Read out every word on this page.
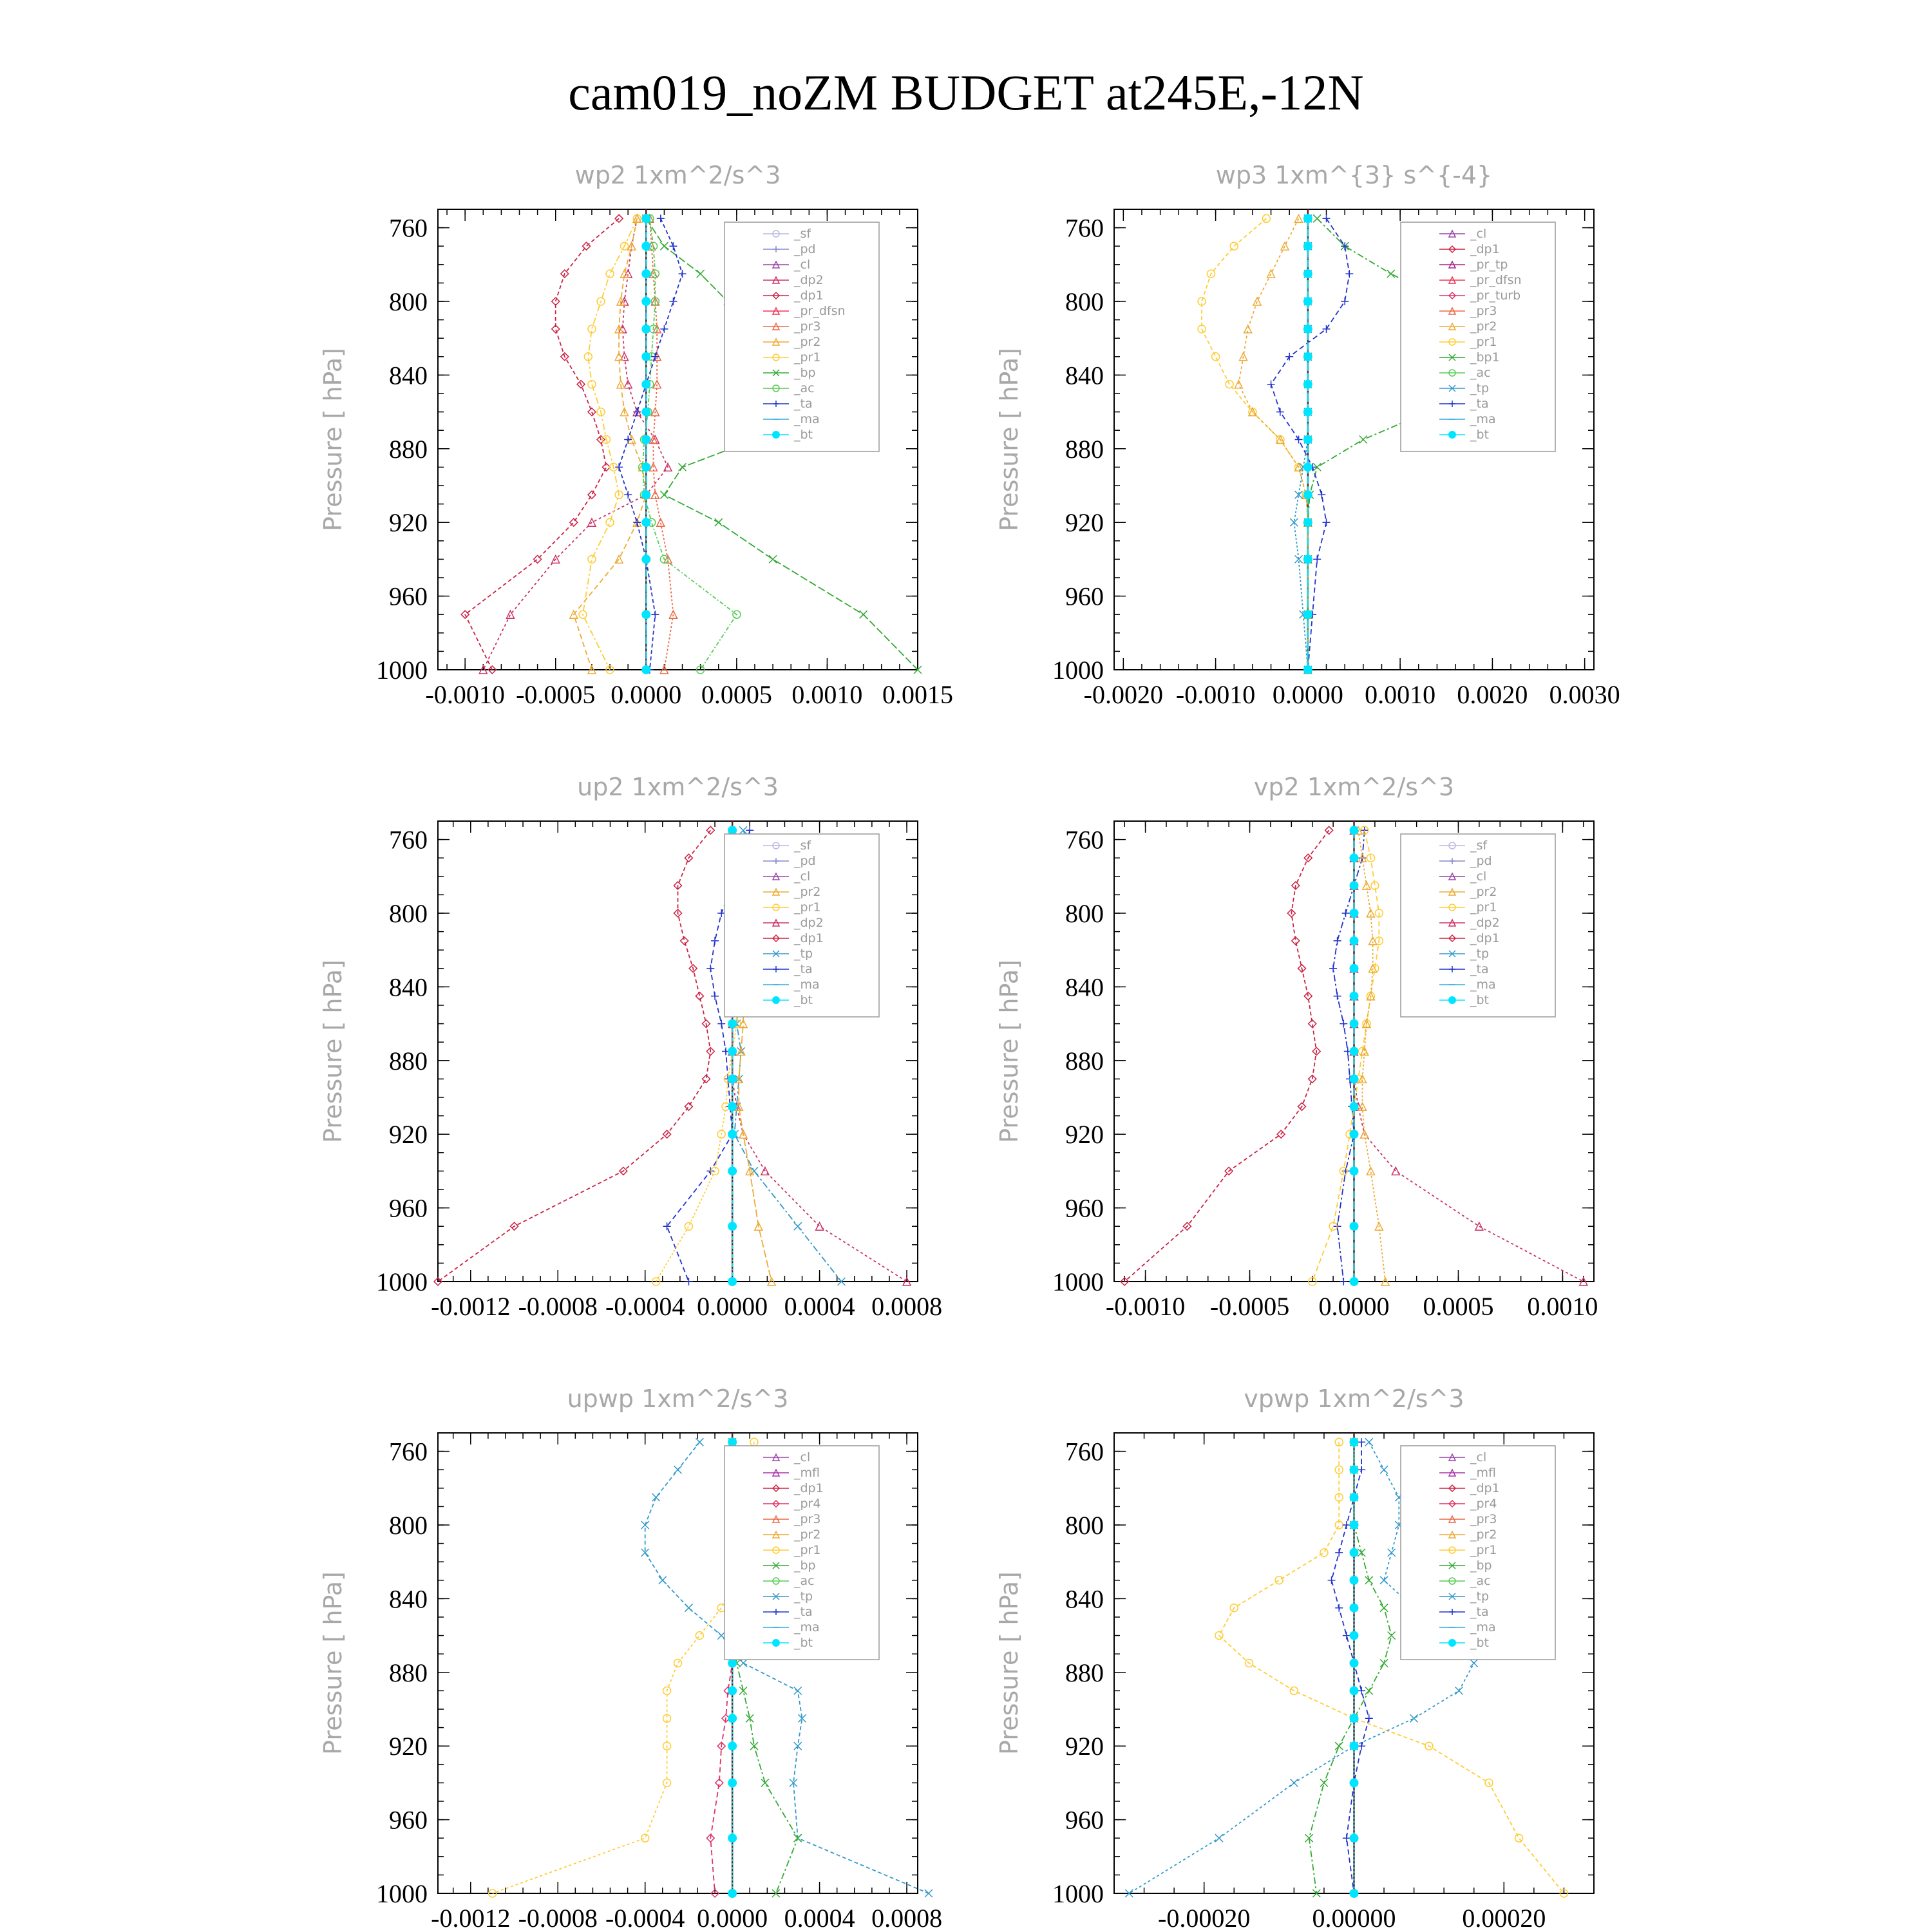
cam019_noZM BUDGET at245E,-12N
wp2 1xm^2/s^3
Pressure [ hPa]
760
800
840
880
920
960
1000
-0.0010 -0.0005 0.0000 0.0005 0.0010 0.0015
_sf
_pd
_cl
_dp2
_dp1
_pr_dfsn
_pr3
_pr2
_pr1
_bp
_ac
_ta
_ma
_bt
wp3 1xm^{3} s^{-4}
Pressure [ hPa]
760
800
840
880
920
960
1000
-0.0020 -0.0010 0.0000 0.0010 0.0020 0.0030
_cl
_dp1
_pr_tp
_pr_dfsn
_pr_turb
_pr3
_pr2
_pr1
_bp1
_ac
_tp
_ta
_ma
_bt
up2 1xm^2/s^3
Pressure [ hPa]
760
800
840
880
920
960
1000
-0.0012 -0.0008 -0.0004 0.0000 0.0004 0.0008
_sf
_pd
_cl
_pr2
_pr1
_dp2
_dp1
_tp
_ta
_ma
_bt
vp2 1xm^2/s^3
Pressure [ hPa]
760
800
840
880
920
960
1000
-0.0010 -0.0005 0.0000 0.0005 0.0010
_sf
_pd
_cl
_pr2
_pr1
_dp2
_dp1
_tp
_ta
_ma
_bt
upwp 1xm^2/s^3
Pressure [ hPa]
760
800
840
880
920
960
1000
-0.0012 -0.0008 -0.0004 0.0000 0.0004 0.0008
_cl
_mfl
_dp1
_pr4
_pr3
_pr2
_pr1
_bp
_ac
_tp
_ta
_ma
_bt
vpwp 1xm^2/s^3
Pressure [ hPa]
760
800
840
880
920
960
1000
-0.00020 0.00000	0.00020
_cl
_mfl
_dp1
_pr4
_pr3
_pr2
_pr1
_bp
_ac
_tp
_ta
_ma
_bt
